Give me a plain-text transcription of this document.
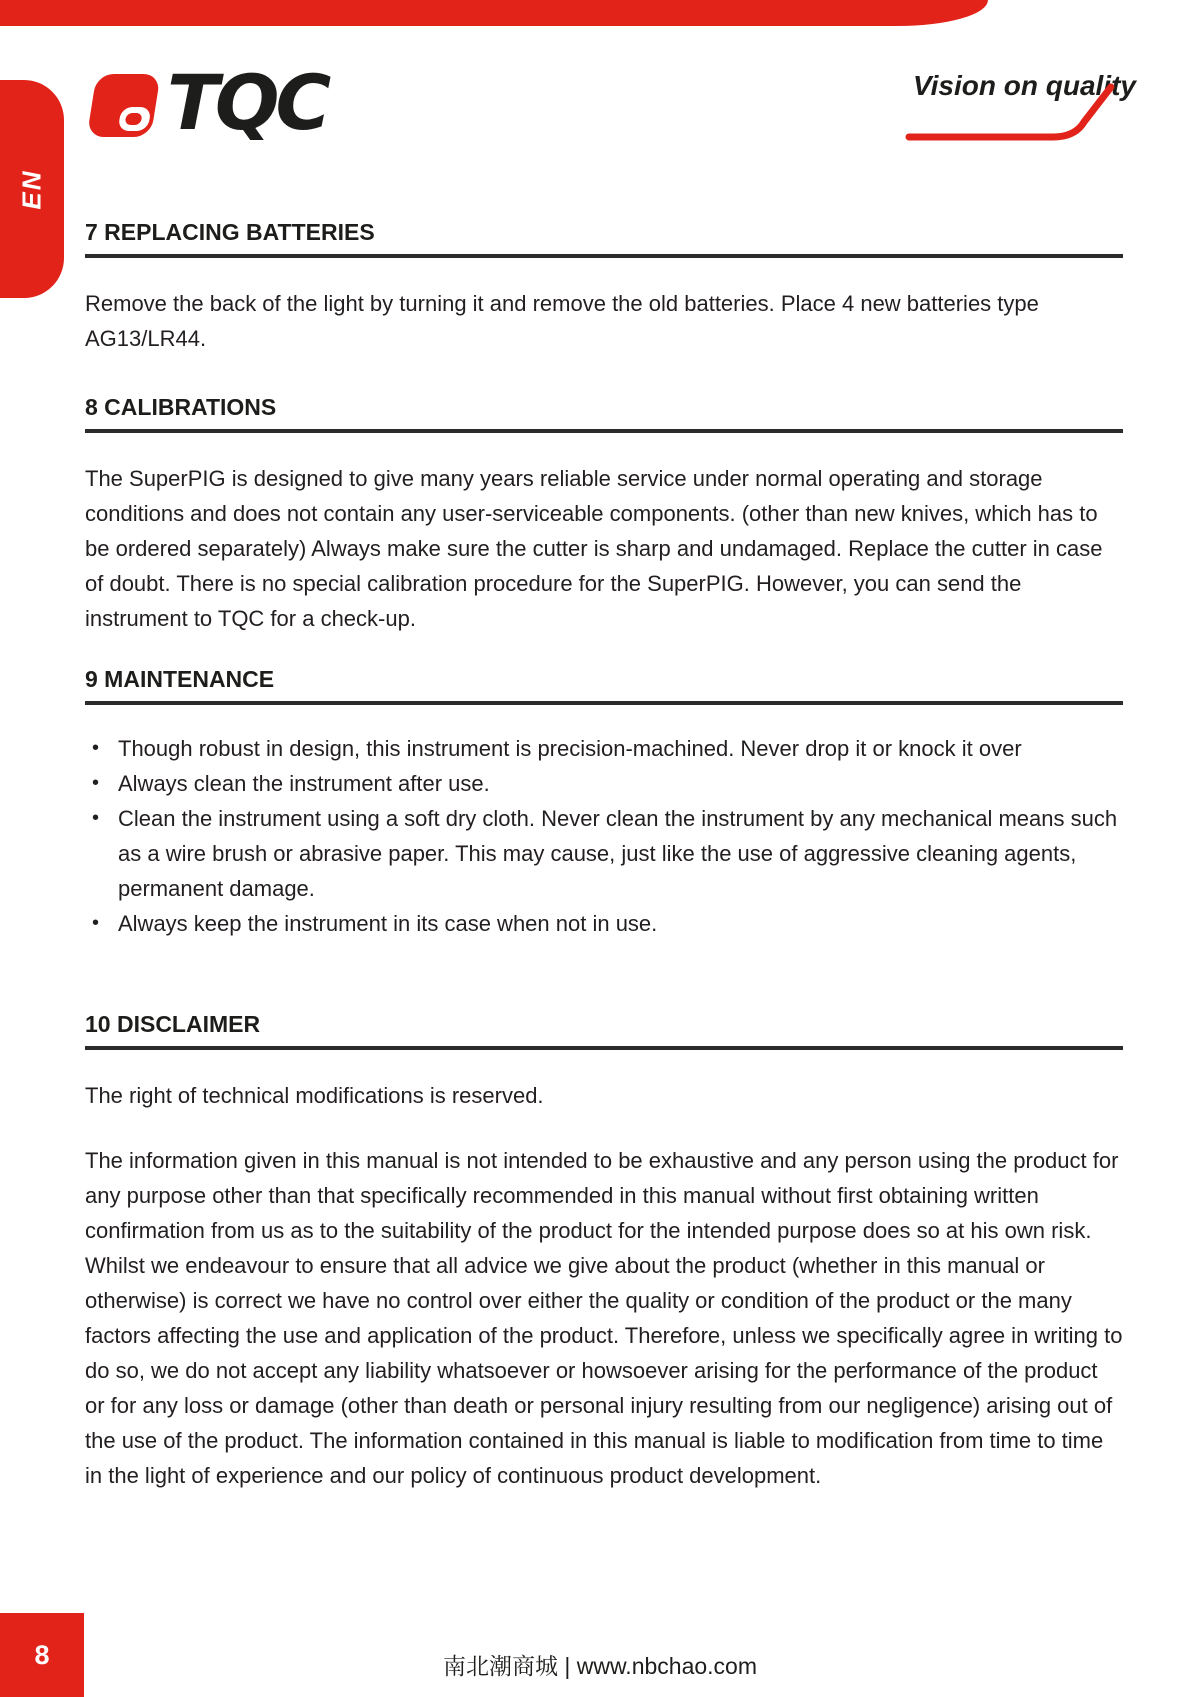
EN
TQC	Vision on quality
7 REPLACING BATTERIES

Remove the back of the light by turning it and remove the old batteries. Place 4 new batteries type AG13/LR44.

8 CALIBRATIONS

The SuperPIG is designed to give many years reliable service under normal operating and storage conditions and does not contain any user-serviceable components. (other than new knives, which has to be ordered separately) Always make sure the cutter is sharp and undamaged. Replace the cutter in case of doubt. There is no special calibration procedure for the SuperPIG. However, you can send the instrument to TQC for a check-up.

9 MAINTENANCE
• Though robust in design, this instrument is precision-machined. Never drop it or knock it over
• Always clean the instrument after use.
• Clean the instrument using a soft dry cloth. Never clean the instrument by any mechanical means such as a wire brush or abrasive paper. This may cause, just like the use of aggressive cleaning agents, permanent damage.
• Always keep the instrument in its case when not in use.
10 DISCLAIMER

The right of technical modifications is reserved.

The information given in this manual is not intended to be exhaustive and any person using the product for any purpose other than that specifically recommended in this manual without first obtaining written confirmation from us as to the suitability of the product for the intended purpose does so at his own risk.  Whilst we endeavour to ensure that all advice we give about the product (whether in this manual or otherwise) is correct we have no control over either the quality or condition of the product or the many factors affecting the use and application of the product. Therefore, unless we specifically agree in writing to do so, we do not accept any liability whatsoever or howsoever arising for the performance of the product or for any loss or damage (other than death or personal injury resulting from our negligence) arising out of the use of the product. The information contained in this manual is liable to modification from time to time in the light of experience and our policy of continuous product development.

8	南北潮商城 | www.nbchao.com
